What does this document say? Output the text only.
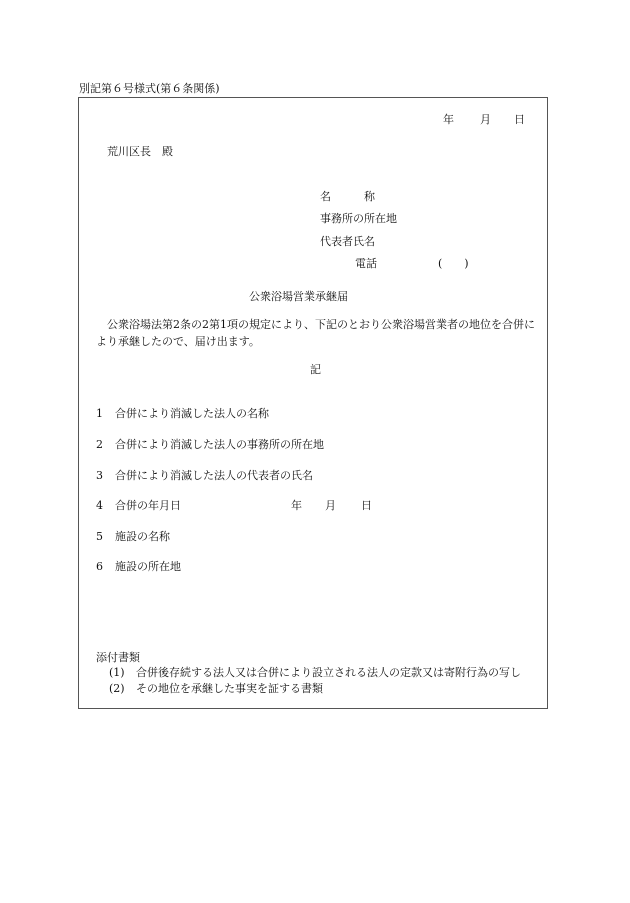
別記第６号様式(第６条関係)
年 月 日
荒川区長　殿
名　　　称
事務所の所在地
代表者氏名
電話	(　　)
公衆浴場営業承継届
公衆浴場法第2条の2第1項の規定により、下記のとおり公衆浴場営業者の地位を合併により承継したので、届け出ます。
記
1 合併により消滅した法人の名称
2 合併により消滅した法人の事務所の所在地
3 合併により消滅した法人の代表者の氏名
4 合併の年月日	年 月 日
5 施設の名称
6 施設の所在地
添付書類
(1) 合併後存続する法人又は合併により設立される法人の定款又は寄附行為の写し
(2) その地位を承継した事実を証する書類
